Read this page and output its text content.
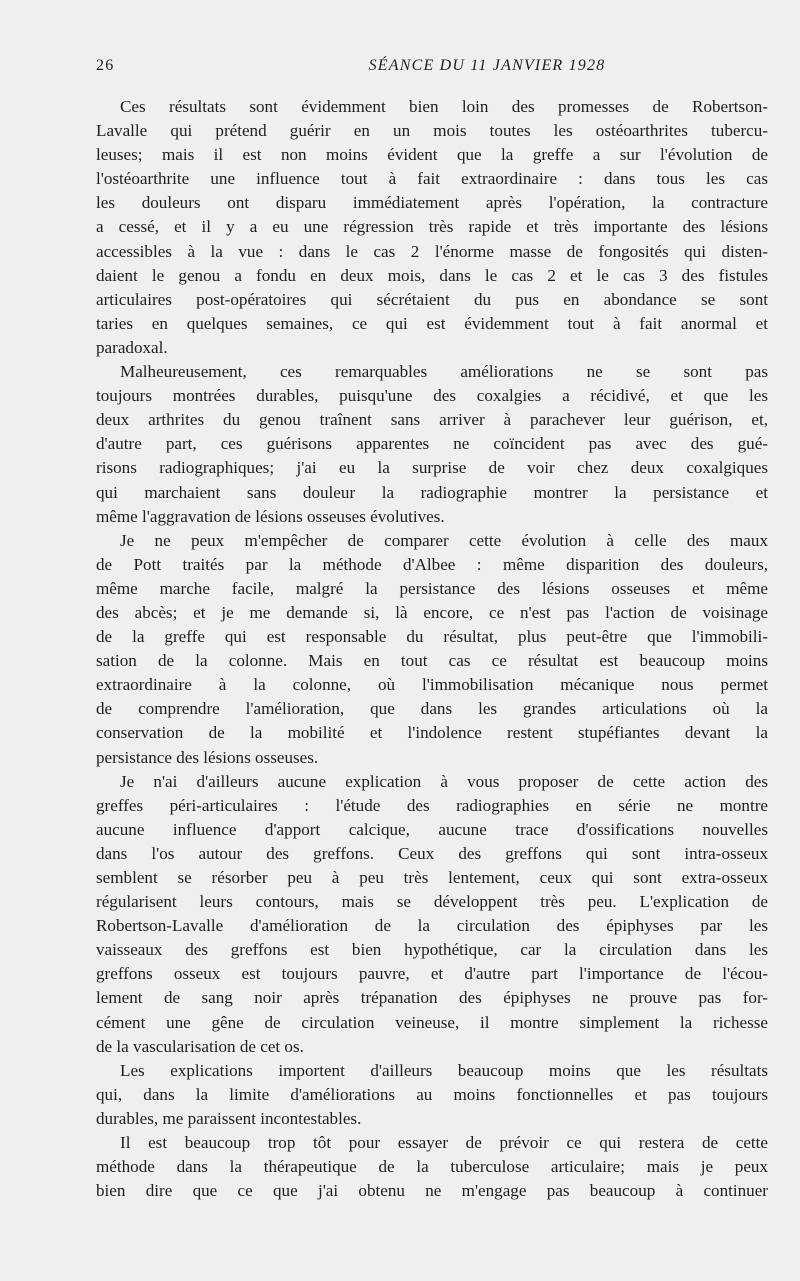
26	SÉANCE DU 11 JANVIER 1928

Ces résultats sont évidemment bien loin des promesses de Robertson-
Lavalle qui prétend guérir en un mois toutes les ostéoarthrites tubercu-
leuses; mais il est non moins évident que la greffe a sur l'évolution de
l'ostéoarthrite une influence tout à fait extraordinaire : dans tous les cas
les douleurs ont disparu immédiatement après l'opération, la contracture
a cessé, et il y a eu une régression très rapide et très importante des lésions
accessibles à la vue : dans le cas 2 l'énorme masse de fongosités qui disten-
daient le genou a fondu en deux mois, dans le cas 2 et le cas 3 des fistules
articulaires post-opératoires qui sécrétaient du pus en abondance se sont
taries en quelques semaines, ce qui est évidemment tout à fait anormal et
paradoxal.

Malheureusement, ces remarquables améliorations ne se sont pas
toujours montrées durables, puisqu'une des coxalgies a récidivé, et que les
deux arthrites du genou traînent sans arriver à parachever leur guérison, et,
d'autre part, ces guérisons apparentes ne coïncident pas avec des gué-
risons radiographiques; j'ai eu la surprise de voir chez deux coxalgiques
qui marchaient sans douleur la radiographie montrer la persistance et
même l'aggravation de lésions osseuses évolutives.

Je ne peux m'empêcher de comparer cette évolution à celle des maux
de Pott traités par la méthode d'Albee : même disparition des douleurs,
même marche facile, malgré la persistance des lésions osseuses et même
des abcès; et je me demande si, là encore, ce n'est pas l'action de voisinage
de la greffe qui est responsable du résultat, plus peut-être que l'immobili-
sation de la colonne. Mais en tout cas ce résultat est beaucoup moins
extraordinaire à la colonne, où l'immobilisation mécanique nous permet
de comprendre l'amélioration, que dans les grandes articulations où la
conservation de la mobilité et l'indolence restent stupéfiantes devant la
persistance des lésions osseuses.

Je n'ai d'ailleurs aucune explication à vous proposer de cette action des
greffes péri-articulaires : l'étude des radiographies en série ne montre
aucune influence d'apport calcique, aucune trace d'ossifications nouvelles
dans l'os autour des greffons. Ceux des greffons qui sont intra-osseux
semblent se résorber peu à peu très lentement, ceux qui sont extra-osseux
régularisent leurs contours, mais se développent très peu. L'explication de
Robertson-Lavalle d'amélioration de la circulation des épiphyses par les
vaisseaux des greffons est bien hypothétique, car la circulation dans les
greffons osseux est toujours pauvre, et d'autre part l'importance de l'écou-
lement de sang noir après trépanation des épiphyses ne prouve pas for-
cément une gêne de circulation veineuse, il montre simplement la richesse
de la vascularisation de cet os.

Les explications importent d'ailleurs beaucoup moins que les résultats
qui, dans la limite d'améliorations au moins fonctionnelles et pas toujours
durables, me paraissent incontestables.

Il est beaucoup trop tôt pour essayer de prévoir ce qui restera de cette
méthode dans la thérapeutique de la tuberculose articulaire; mais je peux
bien dire que ce que j'ai obtenu ne m'engage pas beaucoup à continuer
